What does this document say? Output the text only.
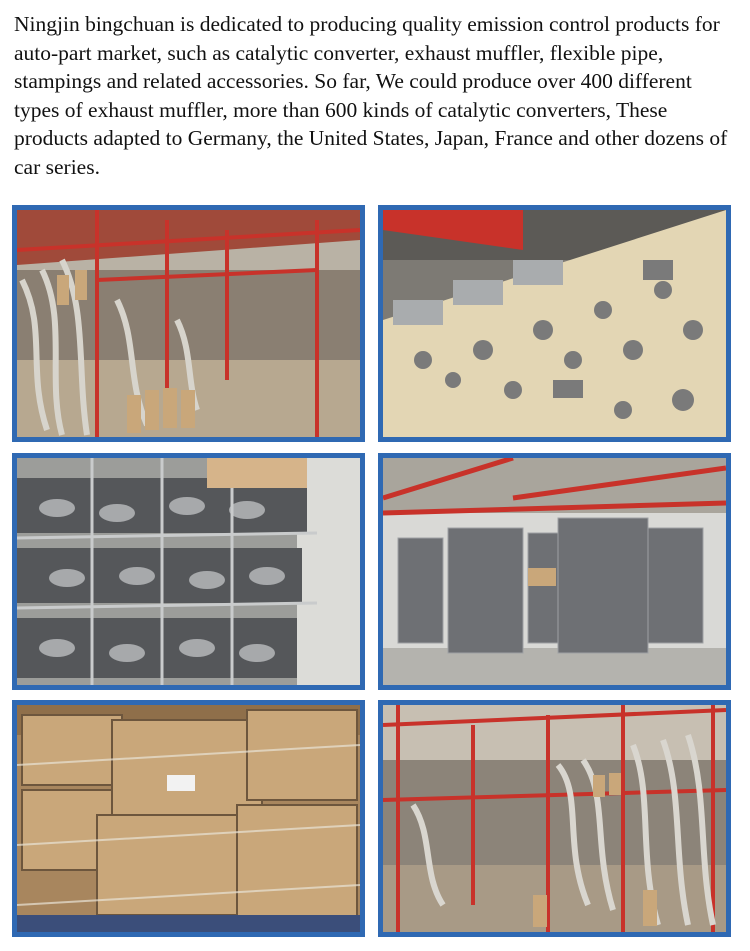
Ningjin bingchuan is dedicated to producing quality emission control products for auto-part market, such as catalytic converter, exhaust muffler, flexible pipe, stampings and related accessories. So far, We could produce over 400 different types of exhaust muffler, more than 600 kinds of catalytic converters, These products adapted to Germany, the United States, Japan, France and other dozens of car series.
